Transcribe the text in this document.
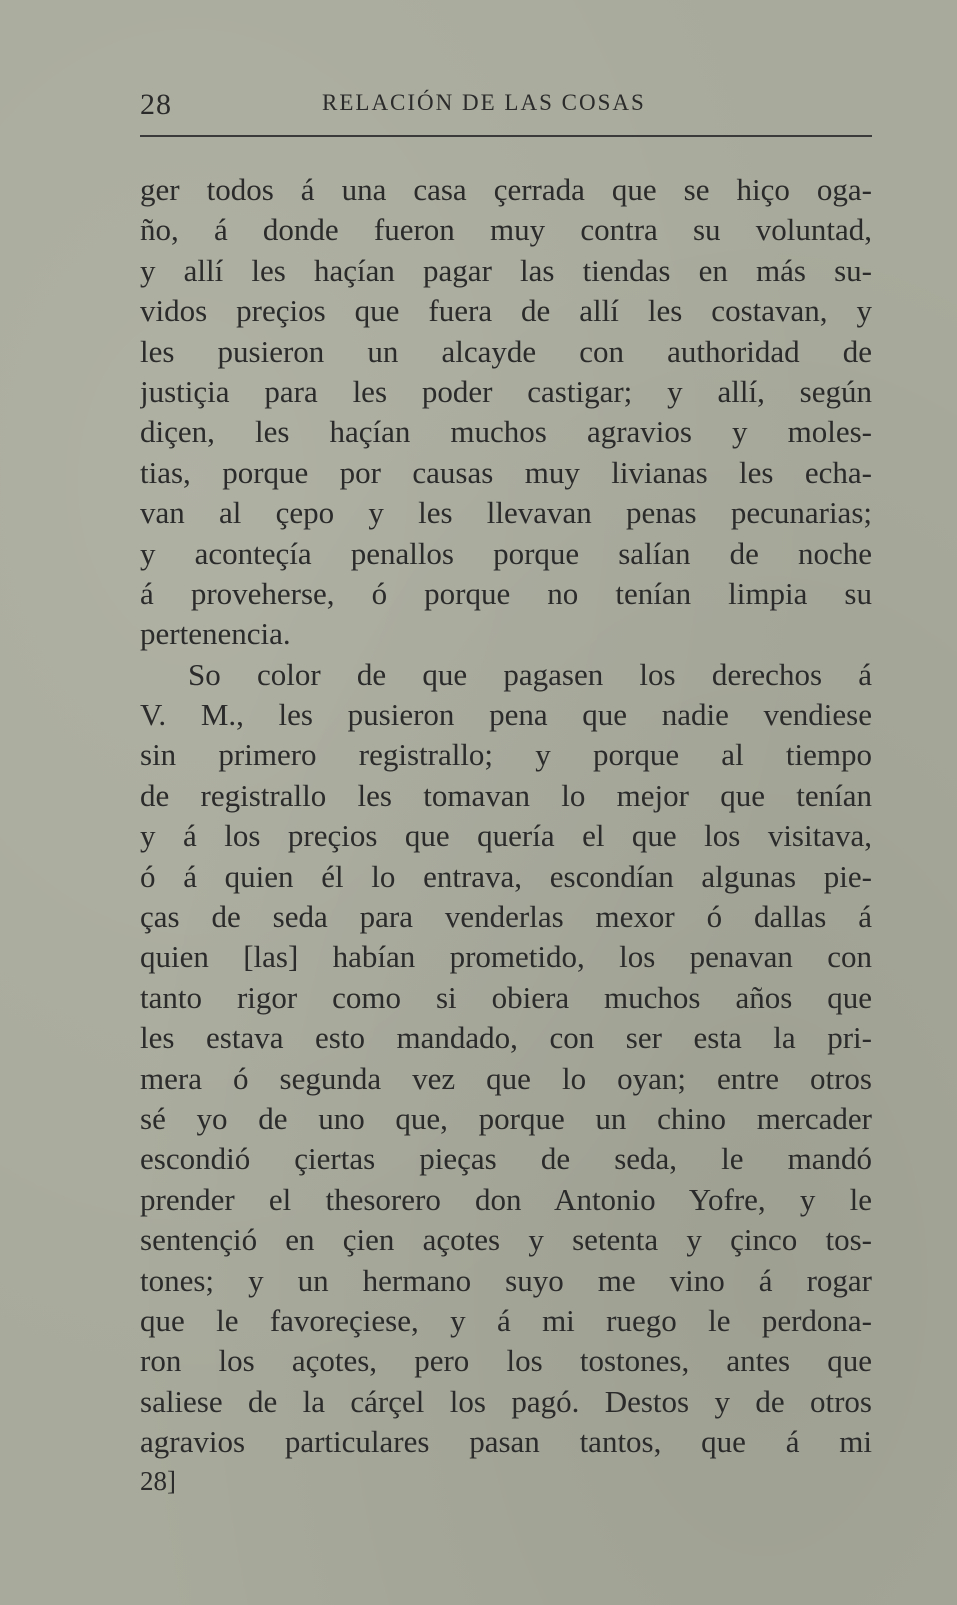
28	RELACIÓN DE LAS COSAS
ger todos á una casa çerrada que se hiço oga-
ño, á donde fueron muy contra su voluntad,
y allí les haçían pagar las tiendas en más su-
vidos preçios que fuera de allí les costavan, y
les pusieron un alcayde con authoridad de
justiçia para les poder castigar; y allí, según
diçen, les haçían muchos agravios y moles-
tias, porque por causas muy livianas les echa-
van al çepo y les llevavan penas pecunarias;
y aconteçía penallos porque salían de noche
á proveherse, ó porque no tenían limpia su
pertenencia.
So color de que pagasen los derechos á
V. M., les pusieron pena que nadie vendiese
sin primero registrallo; y porque al tiempo
de registrallo les tomavan lo mejor que tenían
y á los preçios que quería el que los visitava,
ó á quien él lo entrava, escondían algunas pie-
ças de seda para venderlas mexor ó dallas á
quien [las] habían prometido, los penavan con
tanto rigor como si obiera muchos años que
les estava esto mandado, con ser esta la pri-
mera ó segunda vez que lo oyan; entre otros
sé yo de uno que, porque un chino mercader
escondió çiertas pieças de seda, le mandó
prender el thesorero don Antonio Yofre, y le
sentençió en çien açotes y setenta y çinco tos-
tones; y un hermano suyo me vino á rogar
que le favoreçiese, y á mi ruego le perdona-
ron los açotes, pero los tostones, antes que
saliese de la cárçel los pagó. Destos y de otros
agravios particulares pasan tantos, que á mi
28]
